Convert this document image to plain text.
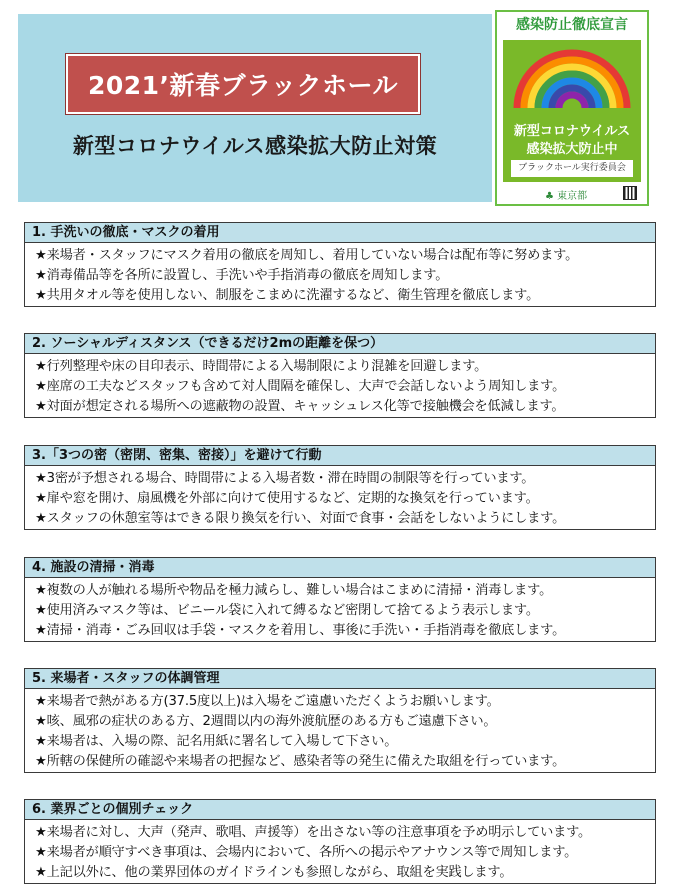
2021’新春ブラックホール
新型コロナウイルス感染拡大防止対策
感染防止徹底宣言
新型コロナウイルス
感染拡大防止中
ブラックホール実行委員会
♣ 東京都
1. 手洗いの徹底・マスクの着用
★来場者・スタッフにマスク着用の徹底を周知し、着用していない場合は配布等に努めます。
★消毒備品等を各所に設置し、手洗いや手指消毒の徹底を周知します。
★共用タオル等を使用しない、制服をこまめに洗濯するなど、衛生管理を徹底します。
2. ソーシャルディスタンス（できるだけ2mの距離を保つ）
★行列整理や床の目印表示、時間帯による入場制限により混雑を回避します。
★座席の工夫などスタッフも含めて対人間隔を確保し、大声で会話しないよう周知します。
★対面が想定される場所への遮蔽物の設置、キャッシュレス化等で接触機会を低減します。
3.「3つの密（密閉、密集、密接）」を避けて行動
★3密が予想される場合、時間帯による入場者数・滞在時間の制限等を行っています。
★扉や窓を開け、扇風機を外部に向けて使用するなど、定期的な換気を行っています。
★スタッフの休憩室等はできる限り換気を行い、対面で食事・会話をしないようにします。
4. 施設の清掃・消毒
★複数の人が触れる場所や物品を極力減らし、難しい場合はこまめに清掃・消毒します。
★使用済みマスク等は、ビニール袋に入れて縛るなど密閉して捨てるよう表示します。
★清掃・消毒・ごみ回収は手袋・マスクを着用し、事後に手洗い・手指消毒を徹底します。
5. 来場者・スタッフの体調管理
★来場者で熱がある方(37.5度以上)は入場をご遠慮いただくようお願いします。
★咳、風邪の症状のある方、2週間以内の海外渡航歴のある方もご遠慮下さい。
★来場者は、入場の際、記名用紙に署名して入場して下さい。
★所轄の保健所の確認や来場者の把握など、感染者等の発生に備えた取組を行っています。
6. 業界ごとの個別チェック
★来場者に対し、大声（発声、歌唱、声援等）を出さない等の注意事項を予め明示しています。
★来場者が順守すべき事項は、会場内において、各所への掲示やアナウンス等で周知します。
★上記以外に、他の業界団体のガイドラインも参照しながら、取組を実践します。
